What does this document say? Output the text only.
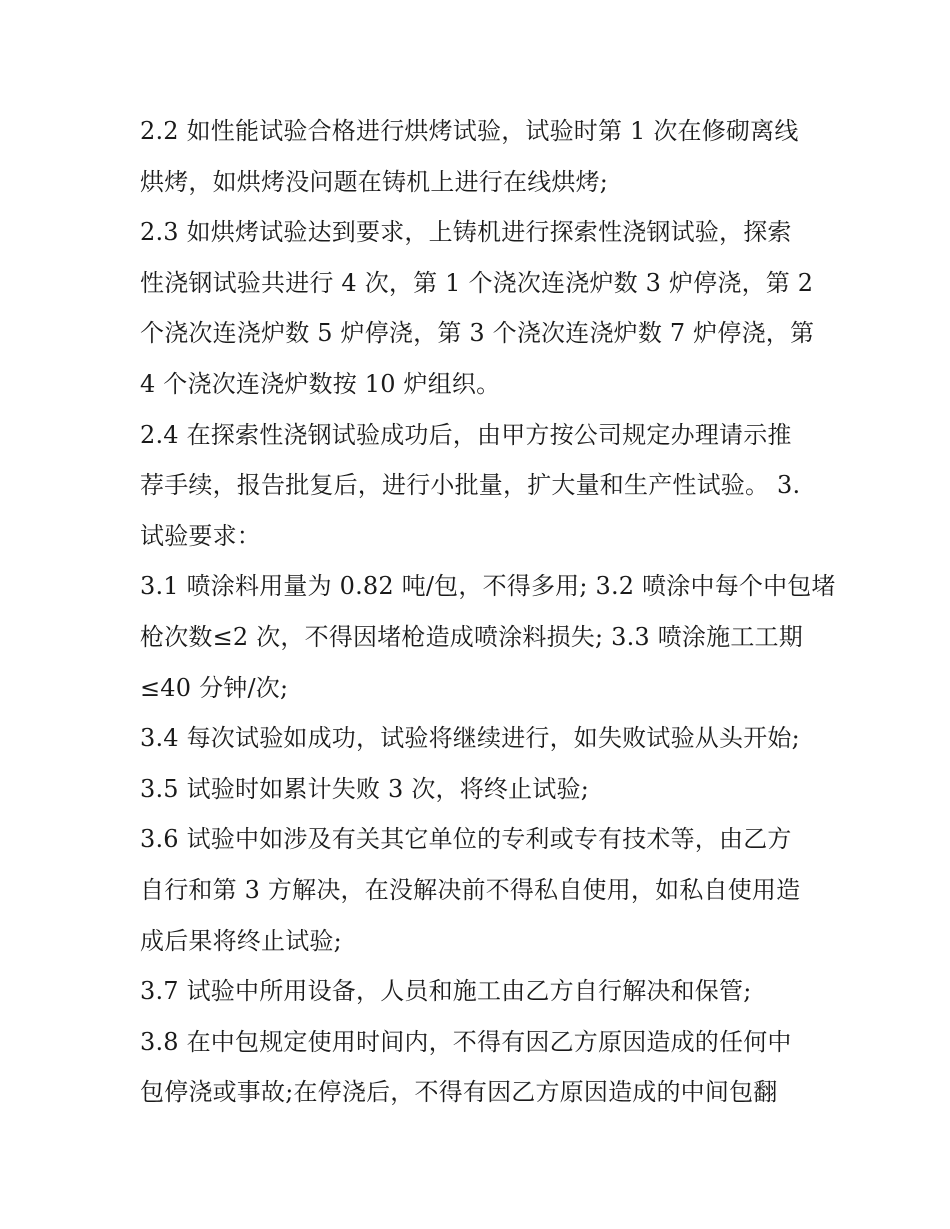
2.2 如性能试验合格进行烘烤试验，试验时第 1 次在修砌离线
烘烤，如烘烤没问题在铸机上进行在线烘烤;
2.3 如烘烤试验达到要求，上铸机进行探索性浇钢试验，探索
性浇钢试验共进行 4 次，第 1 个浇次连浇炉数 3 炉停浇，第 2
个浇次连浇炉数 5 炉停浇，第 3 个浇次连浇炉数 7 炉停浇，第
4 个浇次连浇炉数按 10 炉组织。
2.4 在探索性浇钢试验成功后，由甲方按公司规定办理请示推
荐手续，报告批复后，进行小批量，扩大量和生产性试验。 3.
试验要求：
3.1 喷涂料用量为 0.82 吨/包，不得多用; 3.2 喷涂中每个中包堵
枪次数≤2 次，不得因堵枪造成喷涂料损失; 3.3 喷涂施工工期
≤40 分钟/次;
3.4 每次试验如成功，试验将继续进行，如失败试验从头开始;
3.5 试验时如累计失败 3 次，将终止试验;
3.6 试验中如涉及有关其它单位的专利或专有技术等，由乙方
自行和第 3 方解决，在没解决前不得私自使用，如私自使用造
成后果将终止试验;
3.7 试验中所用设备，人员和施工由乙方自行解决和保管;
3.8 在中包规定使用时间内，不得有因乙方原因造成的任何中
包停浇或事故;在停浇后，不得有因乙方原因造成的中间包翻
